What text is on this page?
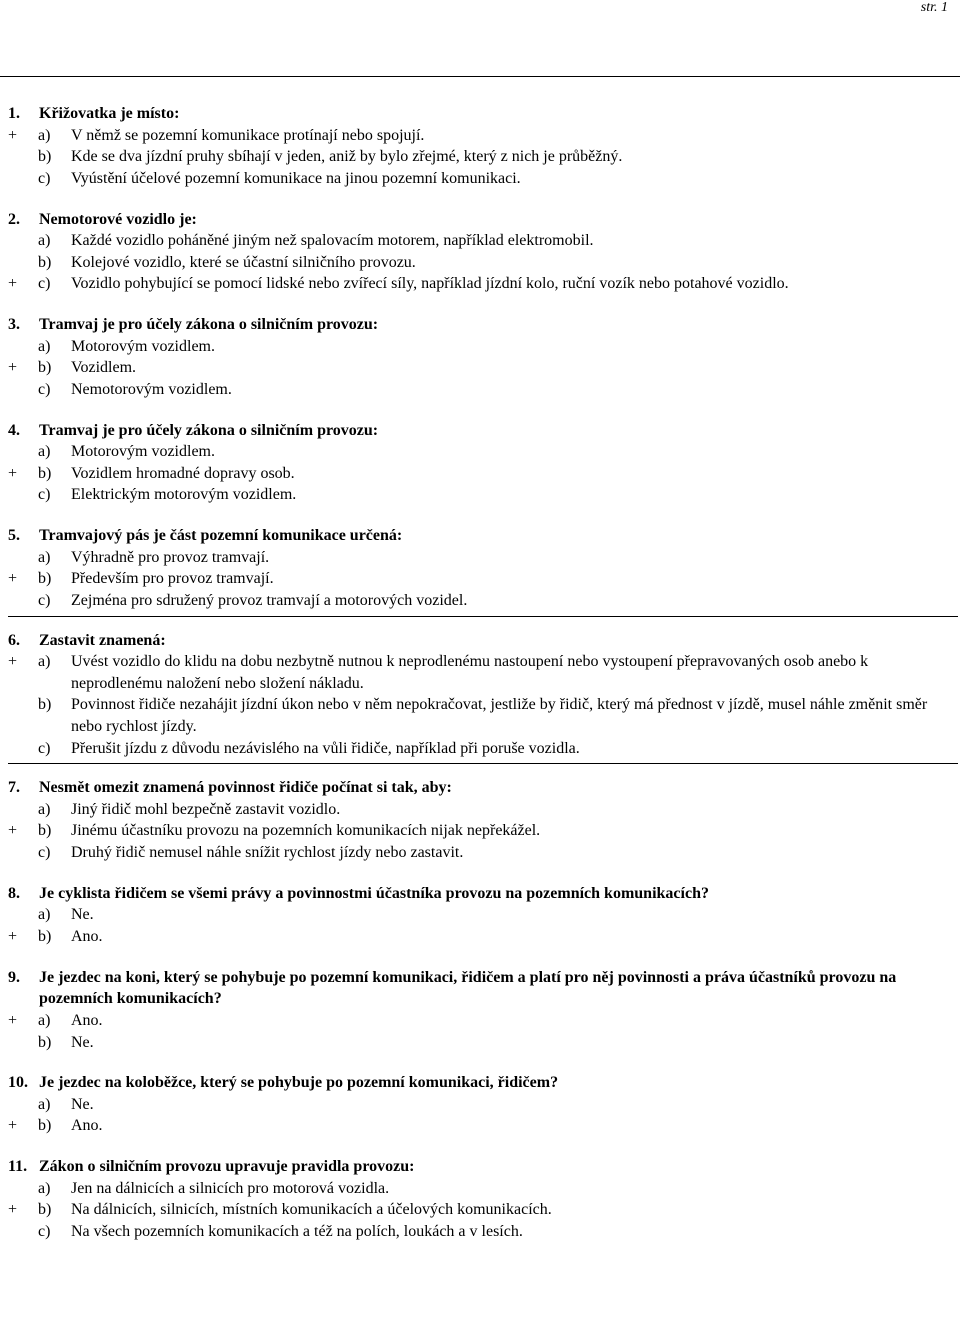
str. 1
1.	Křižovatka je místo:
+	a)	V němž se pozemní komunikace protínají nebo spojují.
b)	Kde se dva jízdní pruhy sbíhají v jeden, aniž by bylo zřejmé, který z nich je průběžný.
c)	Vyústění účelové pozemní komunikace na jinou pozemní komunikaci.
2.	Nemotorové vozidlo je:
a)	Každé vozidlo poháněné jiným než spalovacím motorem, například elektromobil.
b)	Kolejové vozidlo, které se účastní silničního provozu.
+	c)	Vozidlo pohybující se pomocí lidské nebo zvířecí síly, například jízdní kolo, ruční vozík nebo potahové vozidlo.
3.	Tramvaj je pro účely zákona o silničním provozu:
a)	Motorovým vozidlem.
+	b)	Vozidlem.
c)	Nemotorovým vozidlem.
4.	Tramvaj je pro účely zákona o silničním provozu:
a)	Motorovým vozidlem.
+	b)	Vozidlem hromadné dopravy osob.
c)	Elektrickým motorovým vozidlem.
5.	Tramvajový pás je část pozemní komunikace určená:
a)	Výhradně pro provoz tramvají.
+	b)	Především pro provoz tramvají.
c)	Zejména pro sdružený provoz tramvají a motorových vozidel.
6.	Zastavit znamená:
+	a)	Uvést vozidlo do klidu na dobu nezbytně nutnou k neprodlenému nastoupení nebo vystoupení přepravovaných osob anebo k neprodlenému naložení nebo složení nákladu.
b)	Povinnost řidiče nezahájit jízdní úkon nebo v něm nepokračovat, jestliže by řidič, který má přednost v jízdě, musel náhle změnit směr nebo rychlost jízdy.
c)	Přerušit jízdu z důvodu nezávislého na vůli řidiče, například při poruše vozidla.
7.	Nesmět omezit znamená povinnost řidiče počínat si tak, aby:
a)	Jiný řidič mohl bezpečně zastavit vozidlo.
+	b)	Jinému účastníku provozu na pozemních komunikacích nijak nepřekážel.
c)	Druhý řidič nemusel náhle snížit rychlost jízdy nebo zastavit.
8.	Je cyklista řidičem se všemi právy a povinnostmi účastníka provozu na pozemních komunikacích?
a)	Ne.
+	b)	Ano.
9.	Je jezdec na koni, který se pohybuje po pozemní komunikaci, řidičem a platí pro něj povinnosti a práva účastníků provozu na pozemních komunikacích?
+	a)	Ano.
b)	Ne.
10. Je jezdec na koloběžce, který se pohybuje po pozemní komunikaci, řidičem?
a)	Ne.
+	b)	Ano.
11. Zákon o silničním provozu upravuje pravidla provozu:
a)	Jen na dálnicích a silnicích pro motorová vozidla.
+	b)	Na dálnicích, silnicích, místních komunikacích a účelových komunikacích.
c)	Na všech pozemních komunikacích a též na polích, loukách a v lesích.
